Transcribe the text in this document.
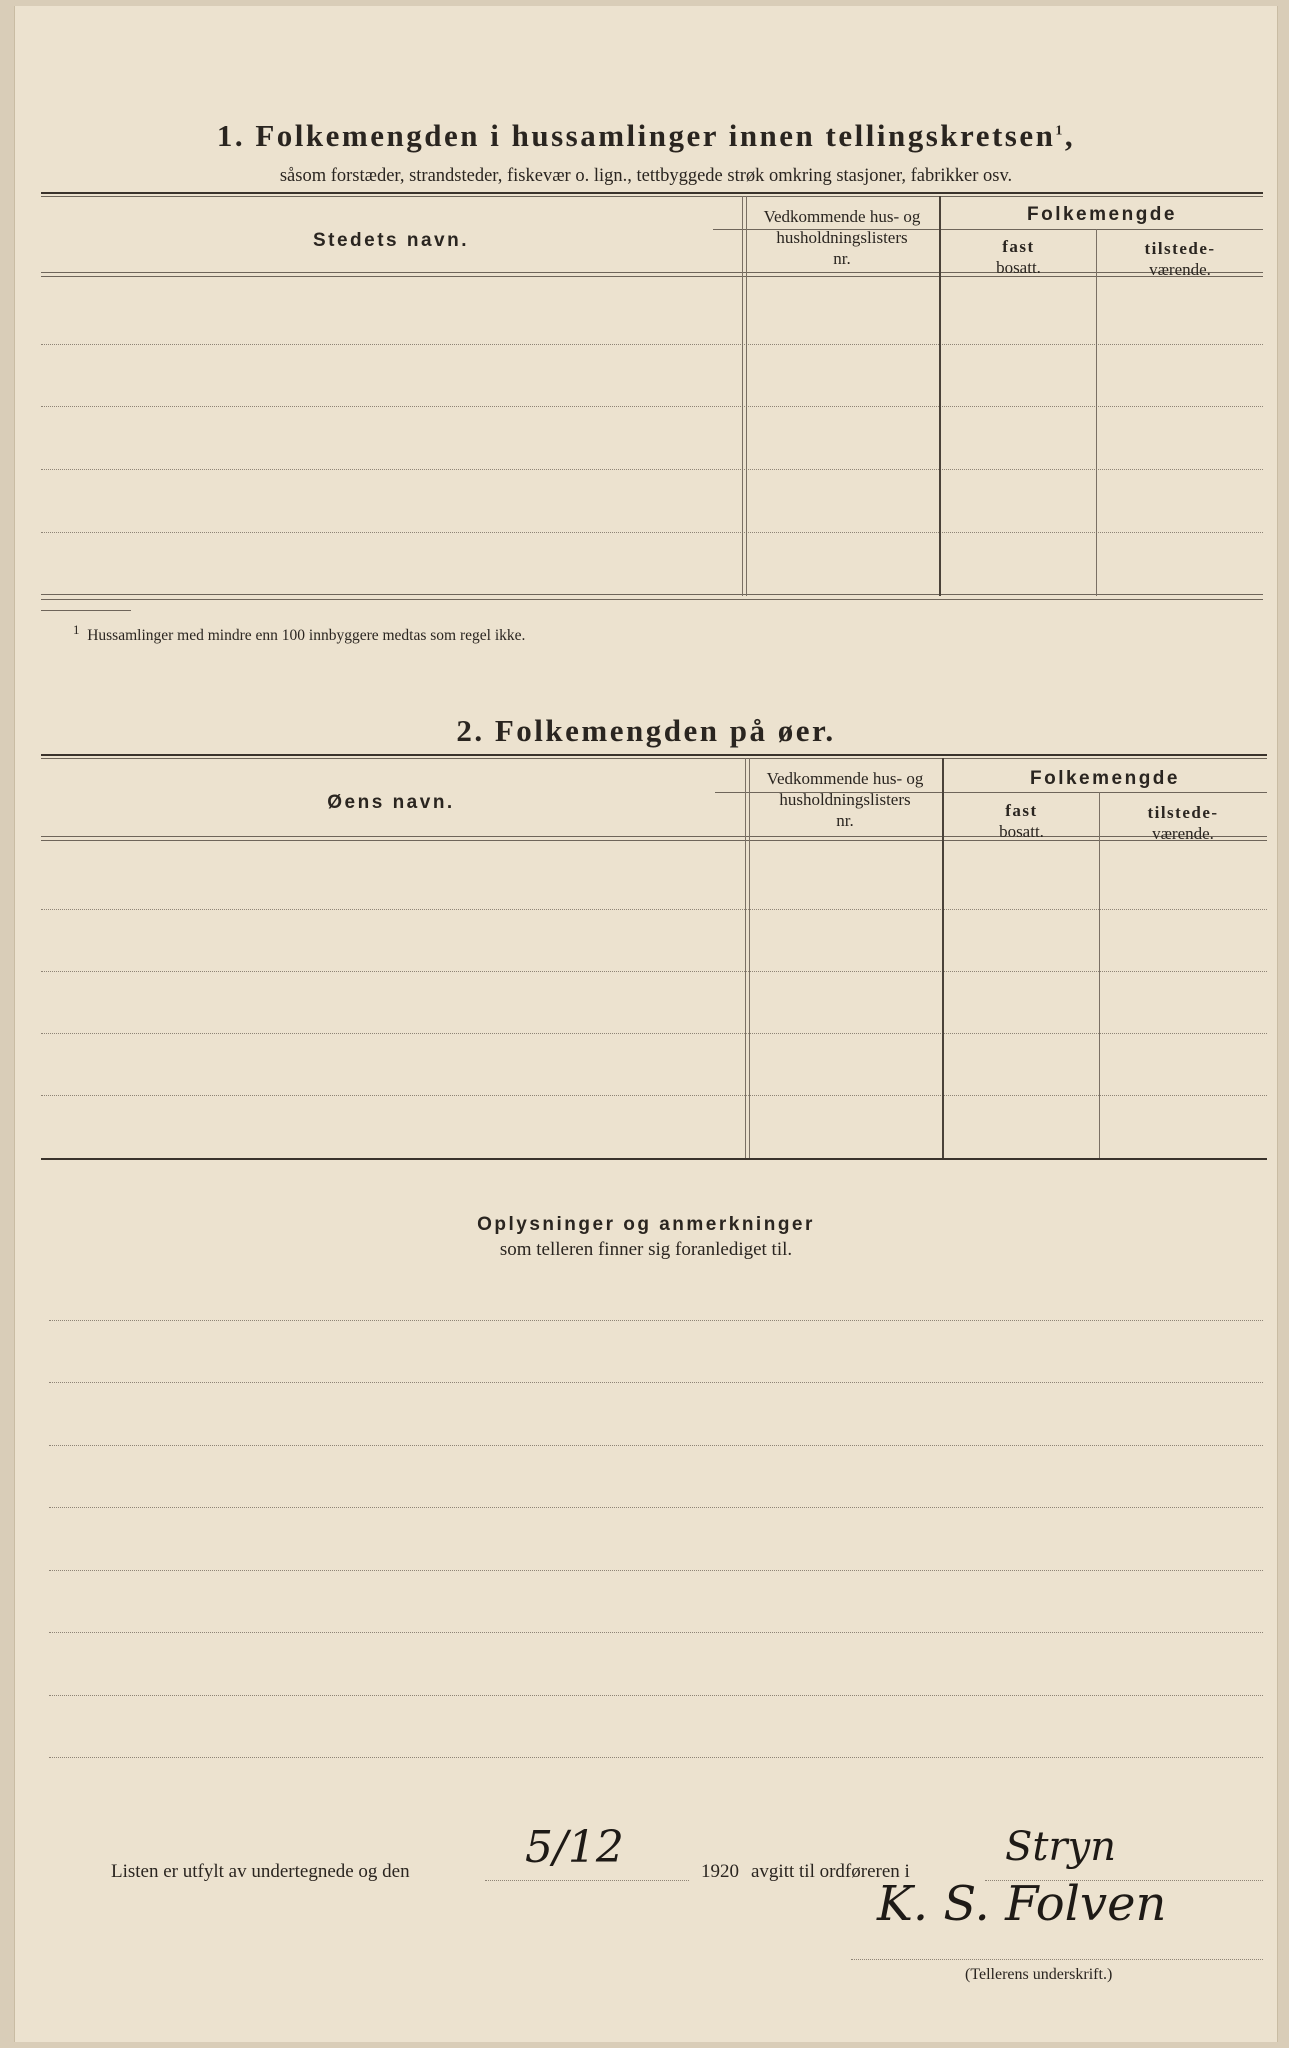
1. Folkemengden i hussamlinger innen tellingskretsen$^1$,
såsom forstæder, strandsteder, fiskevær o. lign., tettbyggede strøk omkring stasjoner, fabrikker osv.
Stedets navn.
Vedkommende hus- og
husholdningslisters
nr.
Folkemengde
fast
bosatt.
tilstede-
værende.
$^1$ Hussamlinger med mindre enn 100 innbyggere medtas som regel ikke.
2. Folkemengden på øer.
Øens navn.
Vedkommende hus- og
husholdningslisters
nr.
Folkemengde
fast
bosatt.
tilstede-
værende.
Oplysninger og anmerkninger
som telleren finner sig foranlediget til.
Listen er utfylt av undertegnede og den	5/12	1920 avgitt til ordføreren i
Stryn
K. S. Folven
(Tellerens underskrift.)
